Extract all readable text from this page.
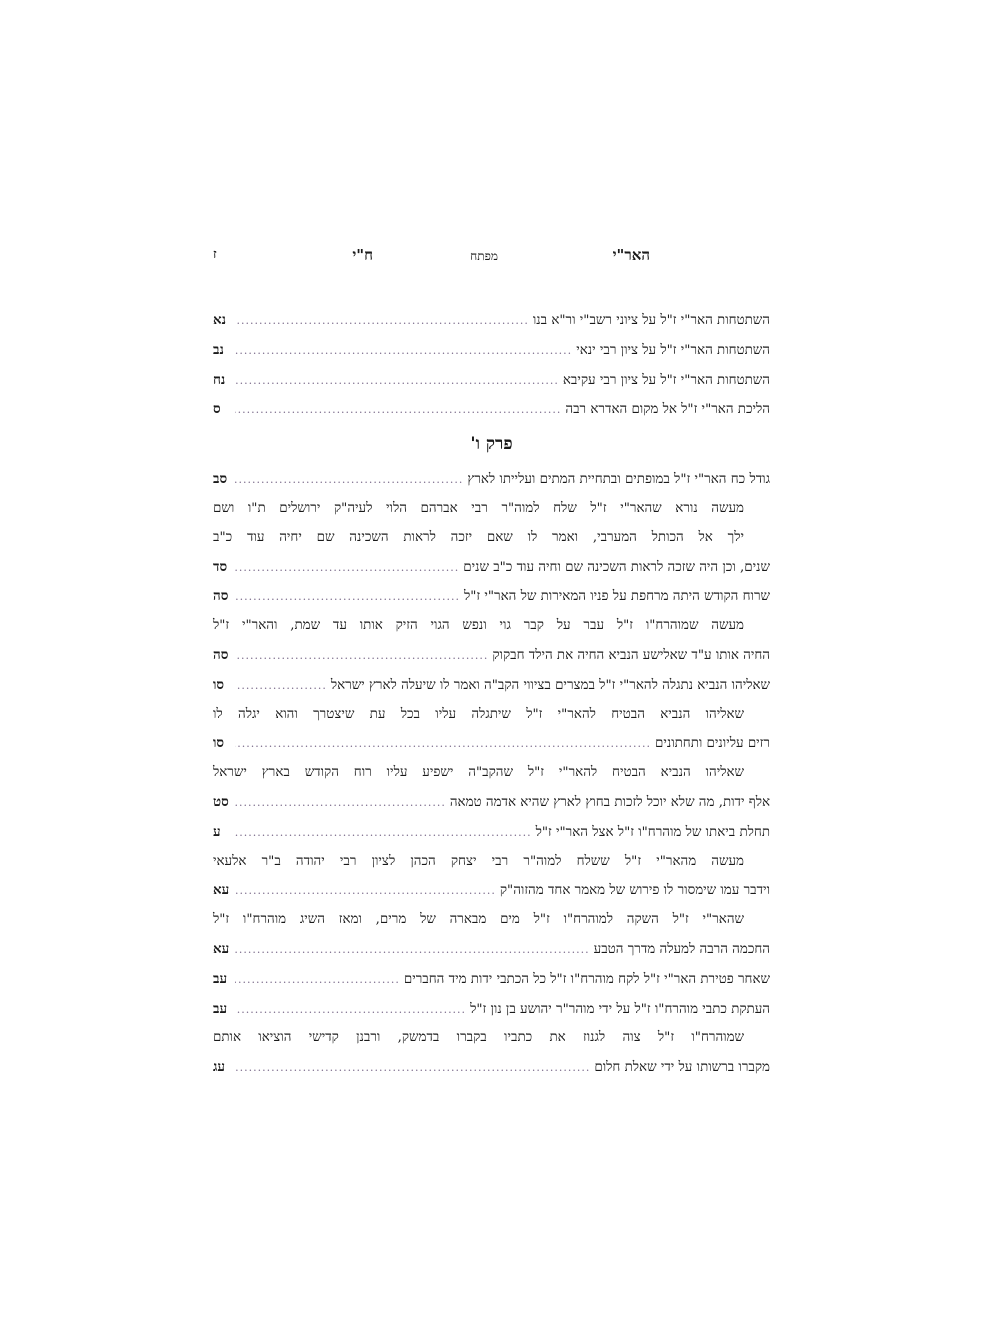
ח"י	מפתח	האר"י
ז
השתטחות האר"י ז"ל על ציוני רשב"י ור"א בנו
.....
נא
השתטחות האר"י ז"ל על ציון רבי ינאי
.....
נב
השתטחות האר"י ז"ל על ציון רבי עקיבא
.....
נח
הליכת האר"י ז"ל אל מקום האדרא רבה
.....
ס
פרק ו'
גודל כח האר"י ז"ל במופתים ובתחיית המתים ועלייתו לארץ
.....
סב
מעשה נורא שהאר"י ז"ל שלח למוה"ר רבי אברהם הלוי לעיה"ק ירושלים ת"ו ושם
ילך אל הכותל המערבי, ואמר לו שאם יזכה לראות השכינה שם יחיה עוד כ"ב
שנים, וכן היה שזכה לראות השכינה שם וחיה עוד כ"ב שנים
.....
סד
שרוח הקודש היתה מרחפת על פניו המאירות של האר"י ז"ל
.....
סה
מעשה שמוהרח"ו ז"ל עבר על קבר גוי ונפש הגוי הזיק אותו עד שמת, והאר"י ז"ל
החיה אותו ע"ד שאלישע הנביא החיה את הילד חבקוק
.....
סה
שאליהו הנביא נתגלה להאר"י ז"ל במצרים בציווי הקב"ה ואמר לו שיעלה לארץ ישראל
.....
סו
שאליהו הנביא הבטיח להאר"י ז"ל שיתגלה עליו בכל עת שיצטרך והוא יגלה לו
רזים עליונים ותחתונים
.....
סו
שאליהו הנביא הבטיח להאר"י ז"ל שהקב"ה ישפיע עליו רוח הקודש בארץ ישראל
אלף ידות, מה שלא יוכל לזכות בחוץ לארץ שהיא אדמה טמאה
.....
סט
תחלת ביאתו של מוהרח"ו ז"ל אצל האר"י ז"ל
.....
ע
מעשה מהאר"י ז"ל ששלח למוה"ר רבי יצחק הכהן לציון רבי יהודה ב"ר אלעאי
וידבר עמו שימסור לו פירוש של מאמר אחד מהזוה"ק
.....
עא
שהאר"י ז"ל השקה למוהרח"ו ז"ל מים מבארה של מרים, ומאז השיג מוהרח"ו ז"ל
החכמה הרבה למעלה מדרך הטבע
.....
עא
שאחר פטירת האר"י ז"ל לקח מוהרח"ו ז"ל כל הכתבי ידות מיד החברים
.....
עב
העתקת כתבי מוהרח"ו ז"ל על ידי מוהר"ר יהושע בן נון ז"ל
.....
עב
שמוהרח"ו ז"ל צוה לגנוז את כתביו בקברו בדמשק, ורבנן קדישי הוציאו אותם
מקברו ברשותו על ידי שאלת חלום
.....
עג
